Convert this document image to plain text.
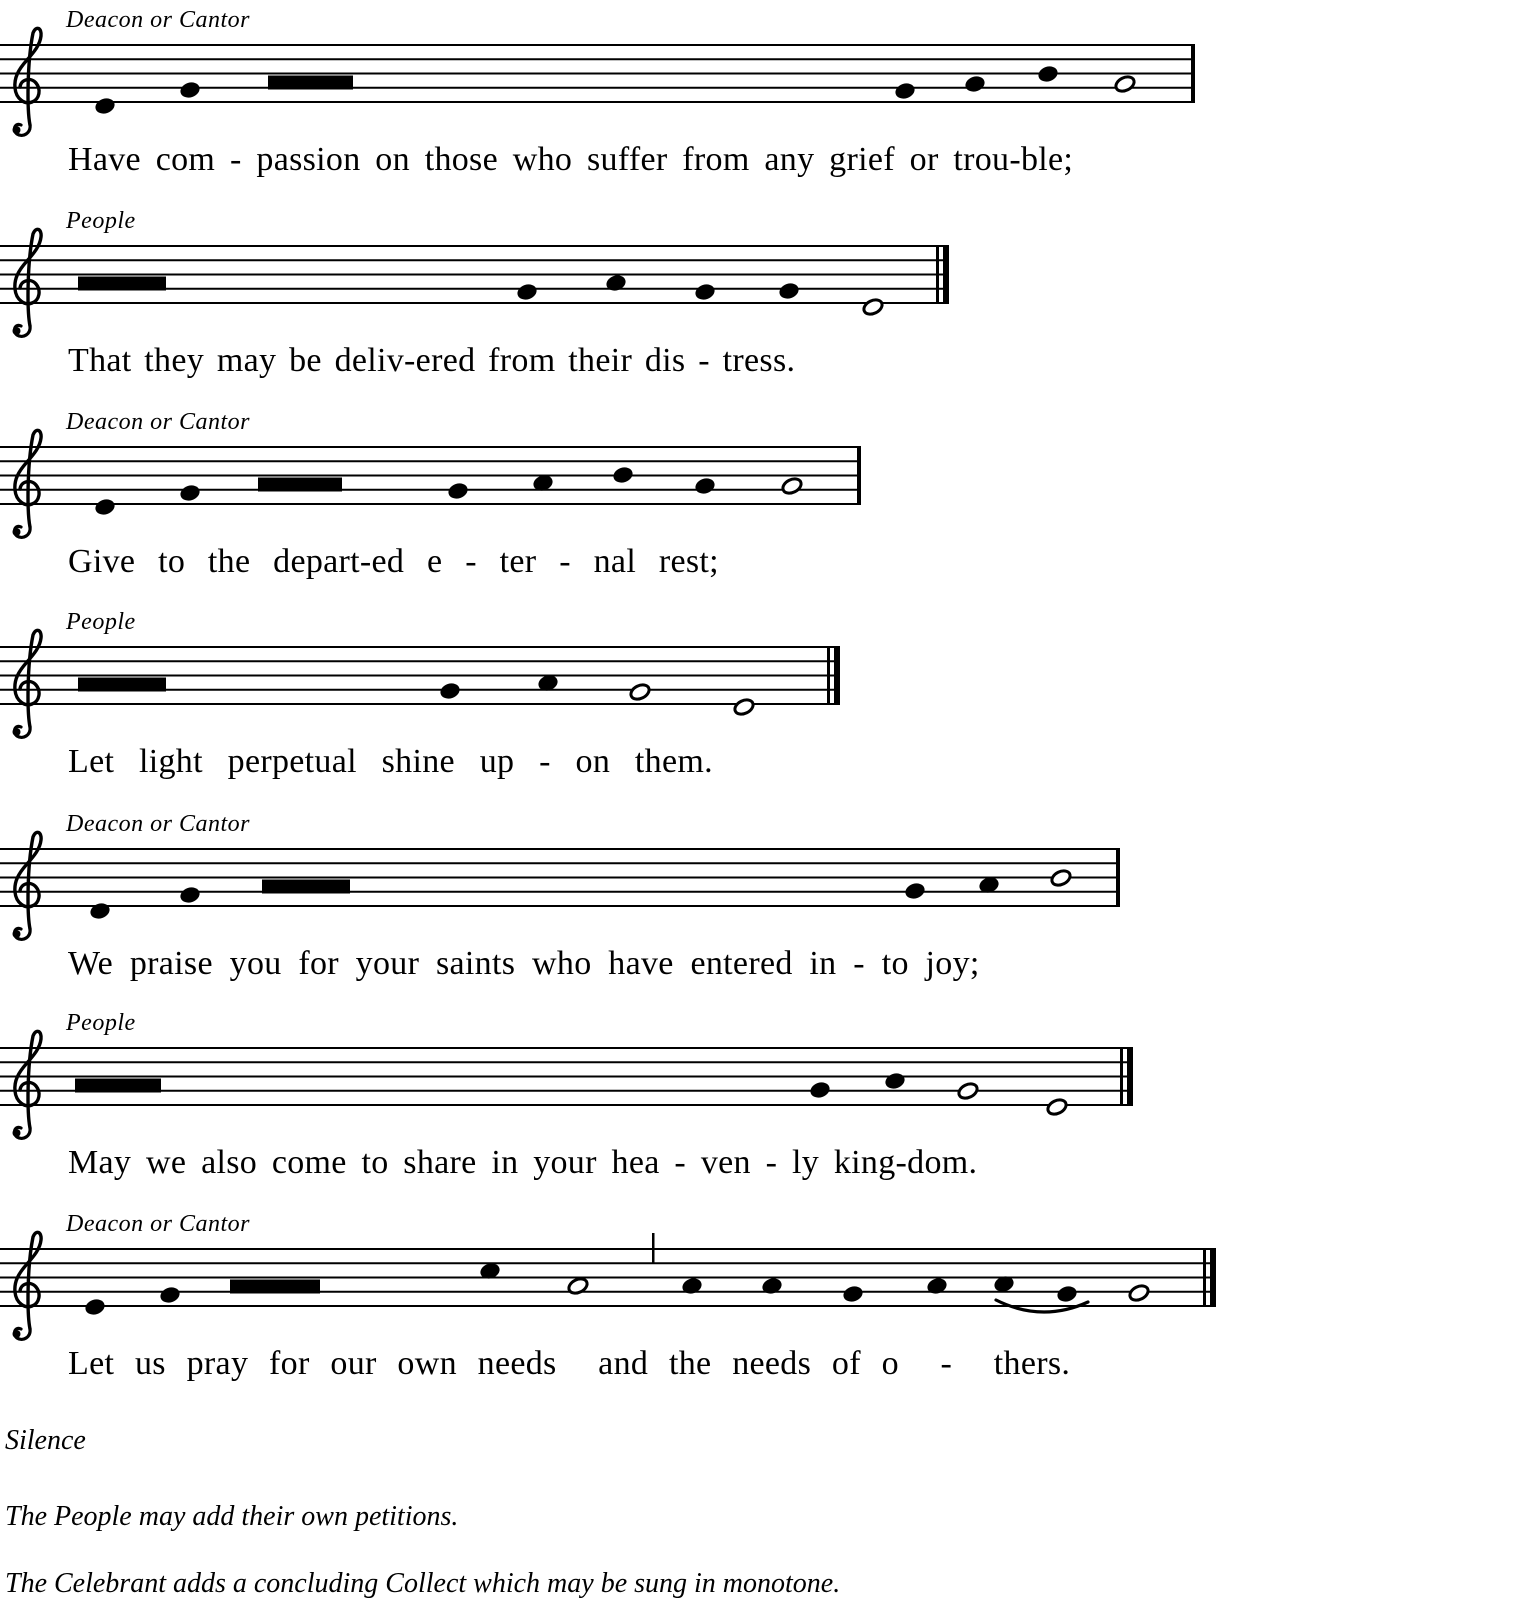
Deacon or Cantor
Have com - passion on those who suffer from any grief or trou-ble;
People
That they may be deliv-ered from their dis - tress.
Deacon or Cantor
Give to the depart-ed e - ter - nal rest;
People
Let light perpetual shine up - on them.
Deacon or Cantor
We praise you for your saints who have entered in - to joy;
People
May we also come to share in your hea - ven - ly king-dom.
Deacon or Cantor
Let us pray for our own needs  and the needs of o  -  thers.
Silence
The People may add their own petitions.
The Celebrant adds a concluding Collect which may be sung in monotone.
